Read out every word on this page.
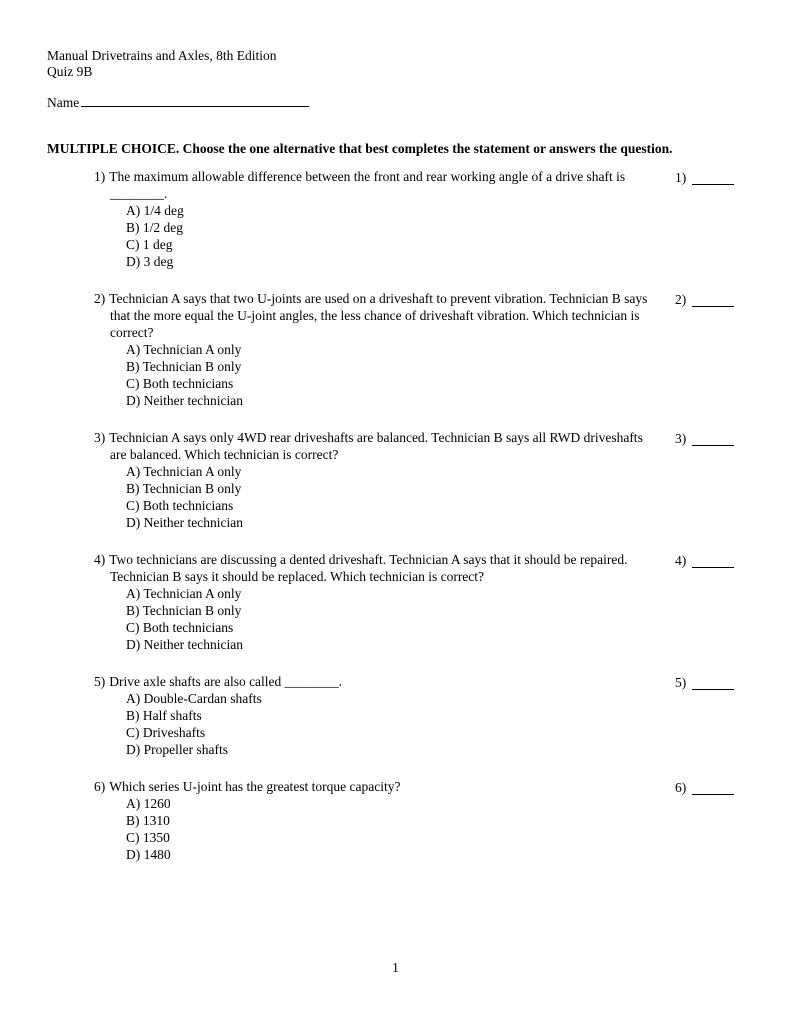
Manual Drivetrains and Axles, 8th Edition
Quiz 9B
Name
MULTIPLE CHOICE. Choose the one alternative that best completes the statement or answers the question.
1) The maximum allowable difference between the front and rear working angle of a drive shaft is ________.
A) 1/4 deg
B) 1/2 deg
C) 1 deg
D) 3 deg
1)
2) Technician A says that two U-joints are used on a driveshaft to prevent vibration. Technician B says that the more equal the U-joint angles, the less chance of driveshaft vibration. Which technician is correct?
A) Technician A only
B) Technician B only
C) Both technicians
D) Neither technician
2)
3) Technician A says only 4WD rear driveshafts are balanced. Technician B says all RWD driveshafts are balanced. Which technician is correct?
A) Technician A only
B) Technician B only
C) Both technicians
D) Neither technician
3)
4) Two technicians are discussing a dented driveshaft. Technician A says that it should be repaired. Technician B says it should be replaced. Which technician is correct?
A) Technician A only
B) Technician B only
C) Both technicians
D) Neither technician
4)
5) Drive axle shafts are also called ________.
A) Double-Cardan shafts
B) Half shafts
C) Driveshafts
D) Propeller shafts
5)
6) Which series U-joint has the greatest torque capacity?
A) 1260
B) 1310
C) 1350
D) 1480
6)
1
